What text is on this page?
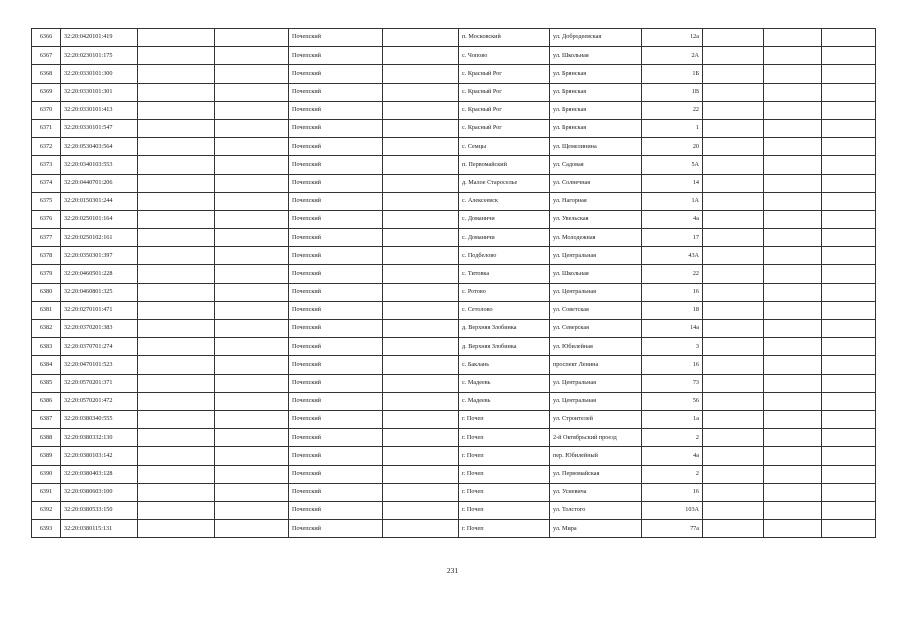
6366	32:20:0420101:419			Почепский		п. Московский	ул. Добродеевская	12а			
6367	32:20:0230101:175			Почепский		с. Чоповo	ул. Школьная	2А			
6368	32:20:0330101:300			Почепский		с. Красный Рог	ул. Брянская	1Б			
6369	32:20:0330101:301			Почепский		с. Красный Рог	ул. Брянская	1В			
6370	32:20:0330101:413			Почепский		с. Красный Рог	ул. Брянская	22			
6371	32:20:0330101:547			Почепский		с. Красный Рог	ул. Брянская	1			
6372	32:20:0530403:564			Почепский		с. Семцы	ул. Щемелинина	20			
6373	32:20:0340103:553			Почепский		п. Первомайский	ул. Садовая	5А			
6374	32:20:0440701:206			Почепский		д. Малое Староселье	ул. Солнечная	14			
6375	32:20:0150301:244			Почепский		с. Алексеевск	ул. Нагорная	1А			
6376	32:20:0250101:164			Почепский		с. Доманичи	ул. Увельская	4а			
6377	32:20:0250102:161			Почепский		с. Доманичи	ул. Молодежная	17			
6378	32:20:0350301:397			Почепский		с. Подбелово	ул. Центральная	43А			
6379	32:20:0460501:228			Почепский		с. Титовка	ул. Школьная	22			
6380	32:20:0460801:325			Почепский		с. Ротово	ул. Центральная	16			
6381	32:20:0270101:471			Почепский		с. Сетолово	ул. Советская	18			
6382	32:20:0370201:383			Почепский		д. Верхняя Злобинка	ул. Северская	14а			
6383	32:20:0370701:274			Почепский		д. Верхняя Злобинка	ул. Юбилейная	3			
6384	32:20:0470101:523			Почепский		с. Баклань	проспект Ленина	16			
6385	32:20:0570201:371			Почепский		с. Мадеевь	ул. Центральная	73			
6386	32:20:0570201:472			Почепский		с. Мадеевь	ул. Центральная	56			
6387	32:20:0380340:555			Почепский		г. Почеп	ул. Строителей	1а			
6388	32:20:0380332:130			Почепский		г. Почеп	2-й Октябрьский проезд	2			
6389	32:20:0380103:142			Почепский		г. Почеп	пер. Юбилейный	4а			
6390	32:20:0380403:128			Почепский		г. Почеп	ул. Первомайская	2			
6391	32:20:0380603:100			Почепский		г. Почеп	ул. Усиевича	16			
6392	32:20:0380533:150			Почепский		г. Почеп	ул. Толстого	103А			
6393	32:20:0380115:131			Почепский		г. Почеп	ул. Мира	77а			
231
